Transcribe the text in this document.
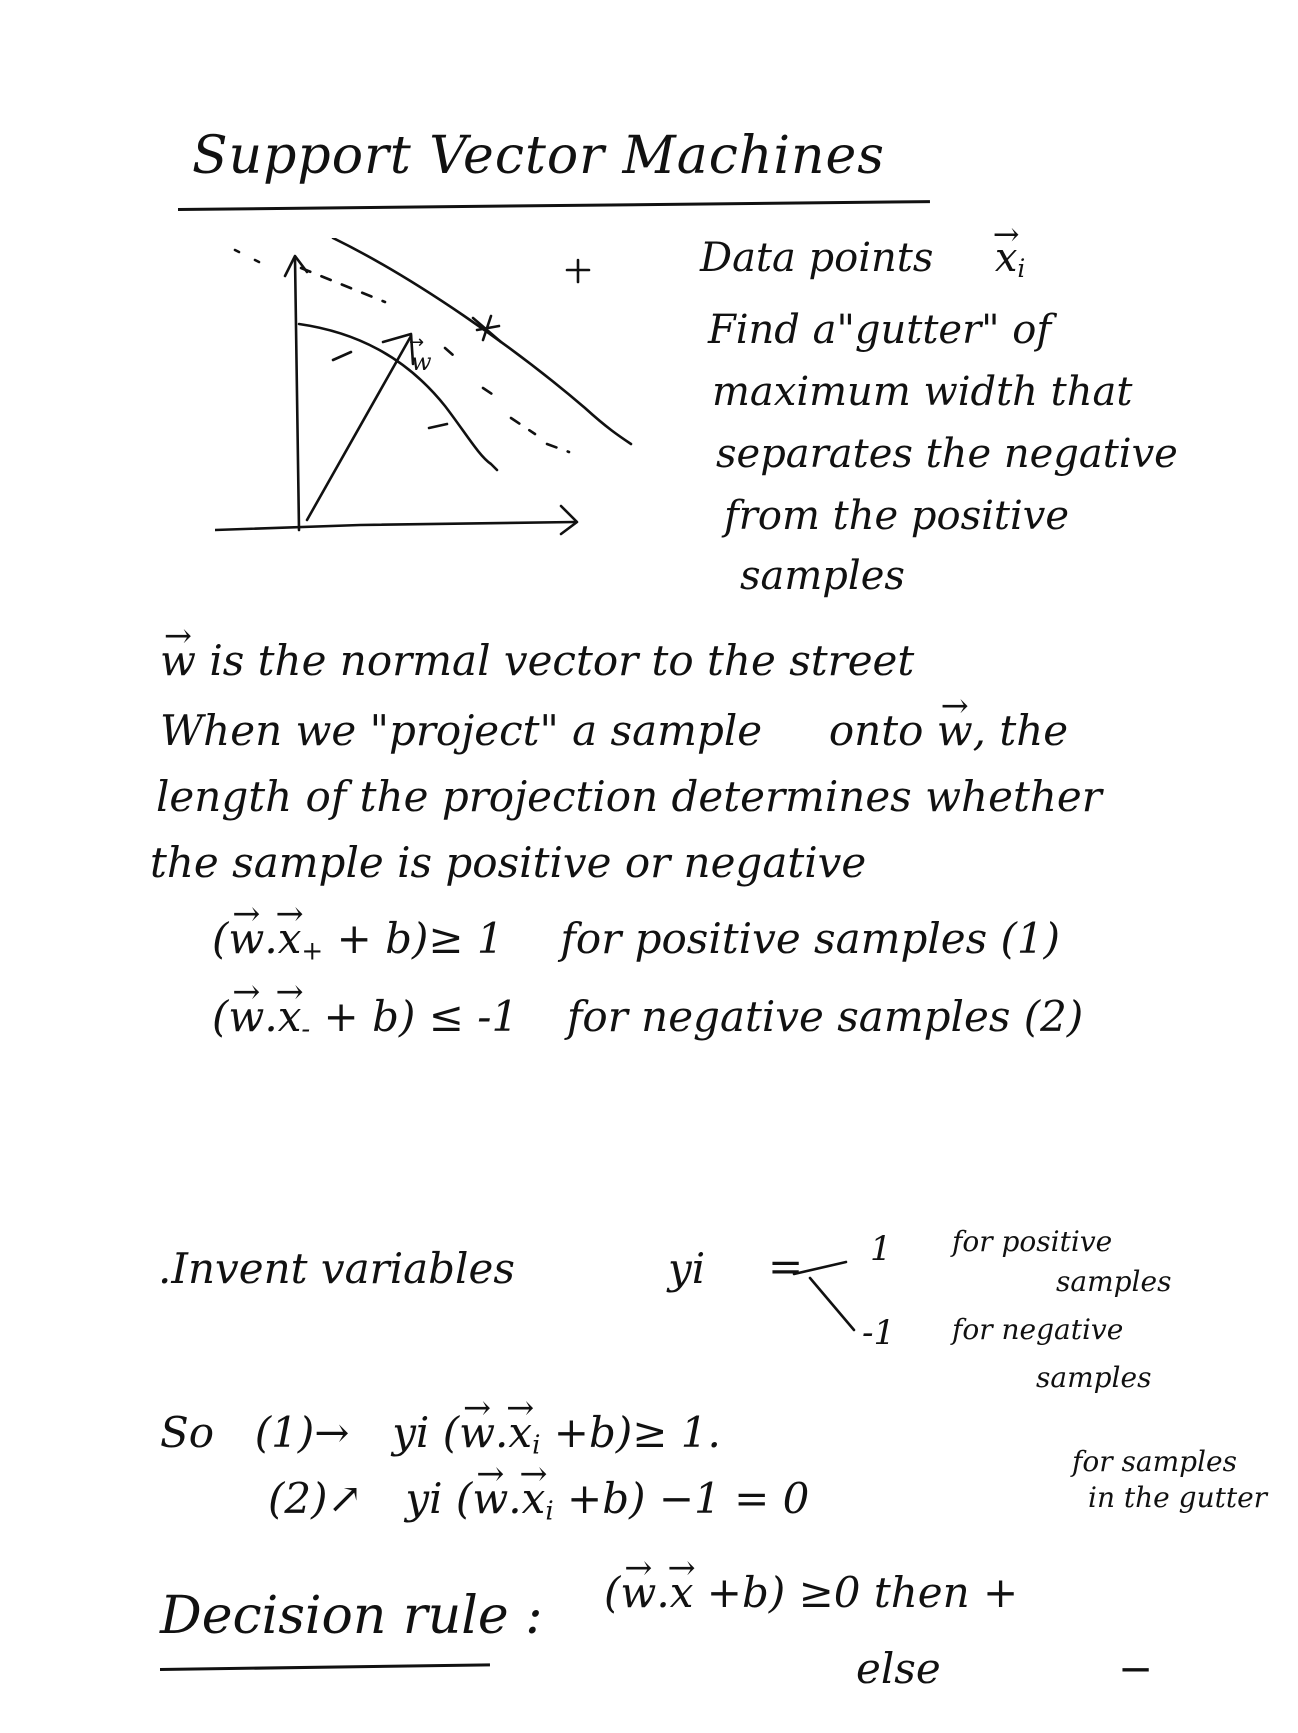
Support Vector Machines
w
→
Data points → $x_i$
Find a"gutter" of
maximum width that
separates the negative
from the positive
samples
→ w is the normal vector to the street
When we "project" a sample onto → w, the
length of the projection determines whether
the sample is positive or negative
(→ $w.\to x_+ + b)\ge 1$ for positive samples (1)
(→ $w.\to x_- + b) \le -1$ for negative samples (2)
.Invent variables	yi = 1 for positive
samples
-1 for negative
samples
So (1)→ yi (→ $w.\to x_i +b)\ge 1$.
(2)↗ yi (→ $w.\to x_i +b) -1 = 0$
for samples
in the gutter
Decision rule : (→ w.→ x +b) ≥0 then +
else	−
